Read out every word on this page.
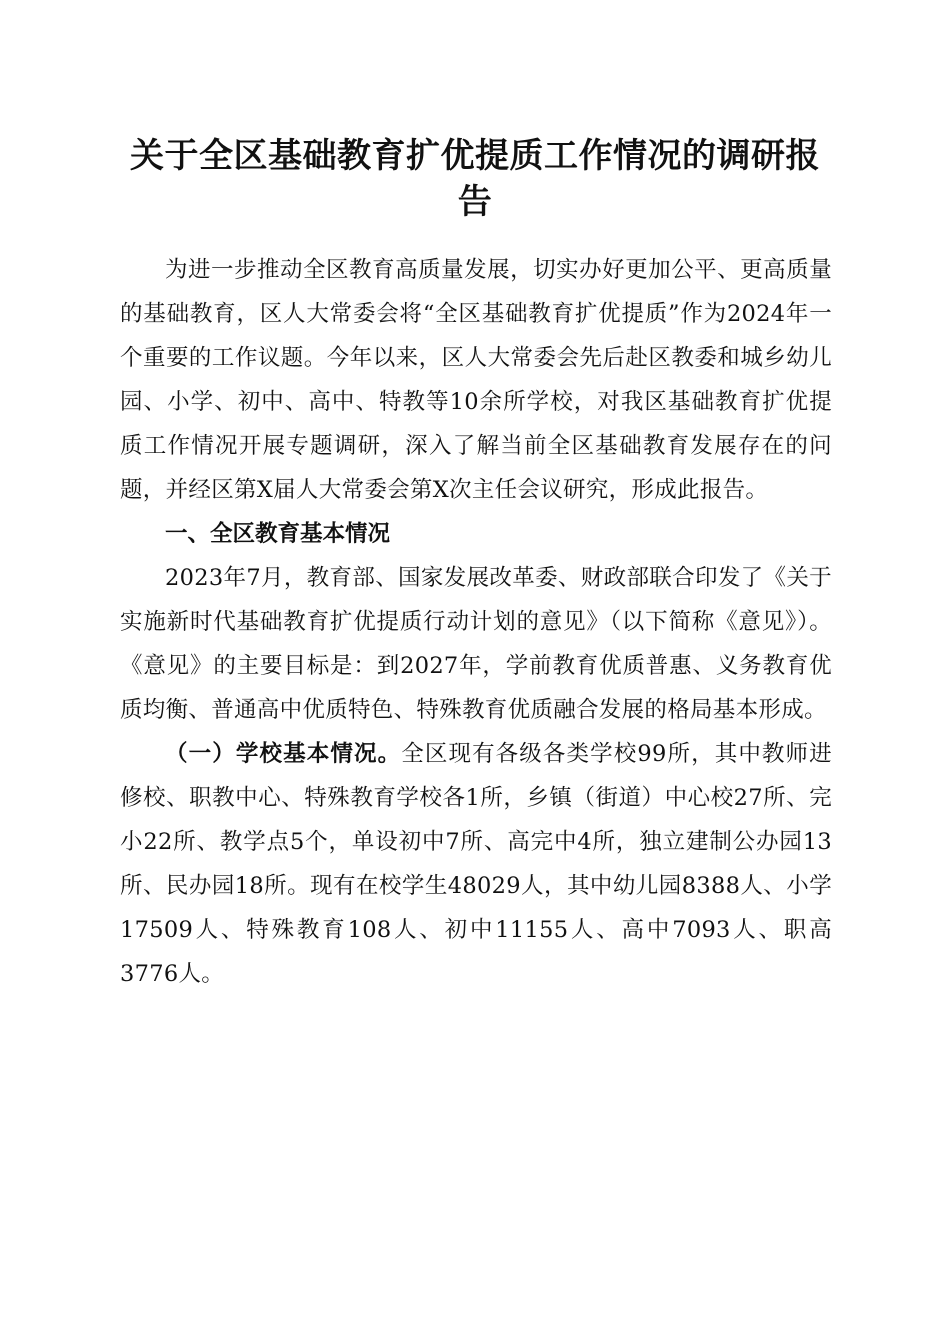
关于全区基础教育扩优提质工作情况的调研报告

为进一步推动全区教育高质量发展，切实办好更加公平、更高质量的基础教育，区人大常委会将“全区基础教育扩优提质”作为2024年一个重要的工作议题。今年以来，区人大常委会先后赴区教委和城乡幼儿园、小学、初中、高中、特教等10余所学校，对我区基础教育扩优提质工作情况开展专题调研，深入了解当前全区基础教育发展存在的问题，并经区第X届人大常委会第X次主任会议研究，形成此报告。

一、全区教育基本情况

2023年7月，教育部、国家发展改革委、财政部联合印发了《关于实施新时代基础教育扩优提质行动计划的意见》（以下简称《意见》）。《意见》的主要目标是：到2027年，学前教育优质普惠、义务教育优质均衡、普通高中优质特色、特殊教育优质融合发展的格局基本形成。

（一）学校基本情况。全区现有各级各类学校99所，其中教师进修校、职教中心、特殊教育学校各1所，乡镇（街道）中心校27所、完小22所、教学点5个，单设初中7所、高完中4所，独立建制公办园13所、民办园18所。现有在校学生48029人，其中幼儿园8388人、小学17509人、特殊教育108人、初中11155人、高中7093人、职高3776人。
